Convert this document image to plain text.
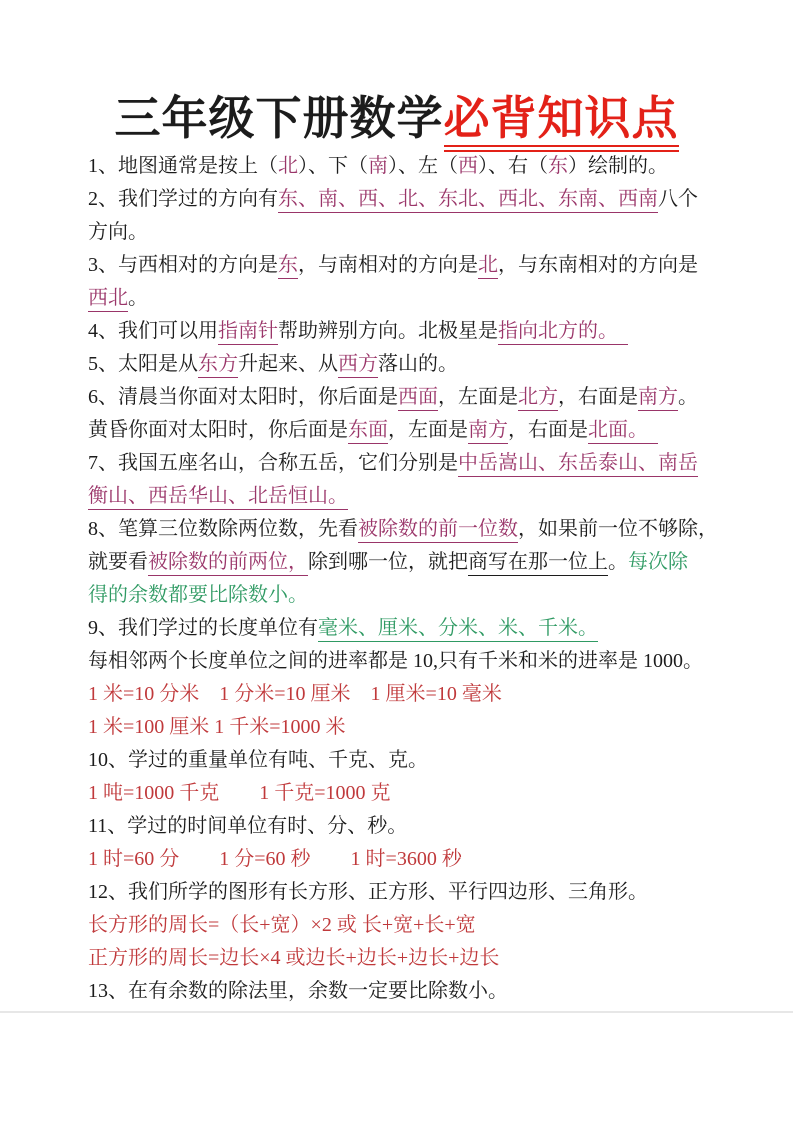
三年级下册数学必背知识点

1、地图通常是按上（北）、下（南）、左（西）、右（东）绘制的。

2、我们学过的方向有东、南、西、北、东北、西北、东南、西南八个

方向。

3、与西相对的方向是东，与南相对的方向是北，与东南相对的方向是

西北。

4、我们可以用指南针帮助辨别方向。北极星是指向北方的。　

5、太阳是从东方升起来、从西方落山的。

6、清晨当你面对太阳时，你后面是西面，左面是北方，右面是南方。

黄昏你面对太阳时，你后面是东面，左面是南方，右面是北面。　

7、我国五座名山，合称五岳，它们分别是中岳嵩山、东岳泰山、南岳

衡山、西岳华山、北岳恒山。

8、笔算三位数除两位数，先看被除数的前一位数，如果前一位不够除，

就要看被除数的前两位，除到哪一位，就把商写在那一位上。每次除

得的余数都要比除数小。

9、我们学过的长度单位有毫米、厘米、分米、米、千米。

每相邻两个长度单位之间的进率都是 10,只有千米和米的进率是 1000。

1 米=10 分米　1 分米=10 厘米　1 厘米=10 毫米

1 米=100 厘米 1 千米=1000 米

10、学过的重量单位有吨、千克、克。

1 吨=1000 千克　　1 千克=1000 克

11、学过的时间单位有时、分、秒。

1 时=60 分　　1 分=60 秒　　1 时=3600 秒

12、我们所学的图形有长方形、正方形、平行四边形、三角形。

长方形的周长=（长+宽）×2 或 长+宽+长+宽

正方形的周长=边长×4 或边长+边长+边长+边长

13、在有余数的除法里，余数一定要比除数小。
